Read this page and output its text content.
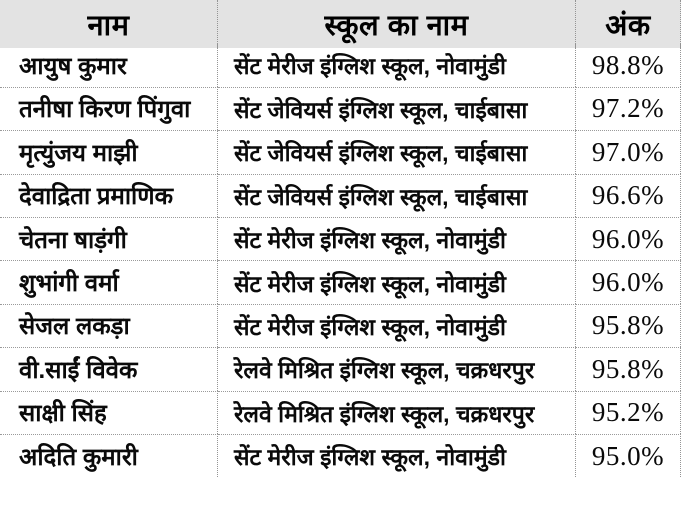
नाम	स्कूल का नाम	अंक
आयुष कुमार	सेंट मेरीज इंग्लिश स्कूल, नोवामुंडी	98.8%
तनीषा किरण पिंगुवा	सेंट जेवियर्स इंग्लिश स्कूल, चाईबासा	97.2%
मृत्युंजय माझी	सेंट जेवियर्स इंग्लिश स्कूल, चाईबासा	97.0%
देवाद्रिता प्रमाणिक	सेंट जेवियर्स इंग्लिश स्कूल, चाईबासा	96.6%
चेतना षाड़ंगी	सेंट मेरीज इंग्लिश स्कूल, नोवामुंडी	96.0%
शुभांगी वर्मा	सेंट मेरीज इंग्लिश स्कूल, नोवामुंडी	96.0%
सेजल लकड़ा	सेंट मेरीज इंग्लिश स्कूल, नोवामुंडी	95.8%
वी.साईं विवेक	रेलवे मिश्रित इंग्लिश स्कूल, चक्रधरपुर	95.8%
साक्षी सिंह	रेलवे मिश्रित इंग्लिश स्कूल, चक्रधरपुर	95.2%
अदिति कुमारी	सेंट मेरीज इंग्लिश स्कूल, नोवामुंडी	95.0%
